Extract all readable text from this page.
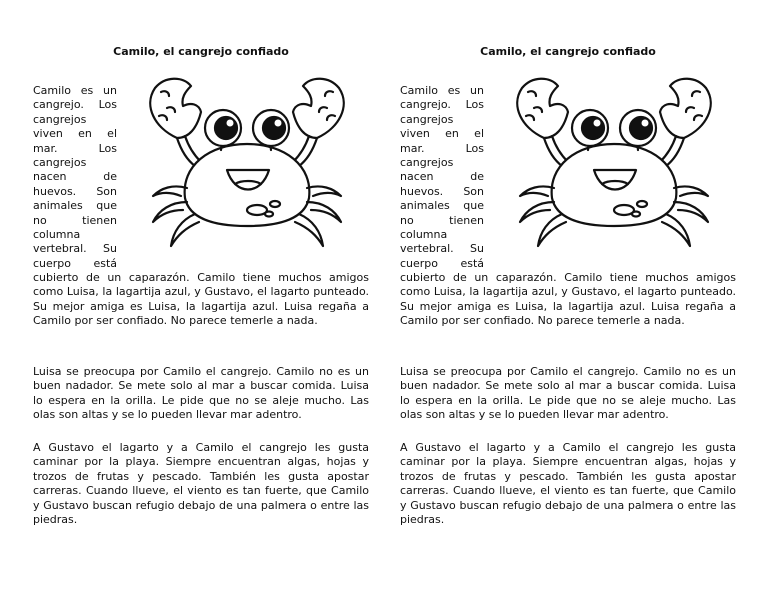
Camilo, el cangrejo confiado
Camilo es un
cangrejo. Los
cangrejos
viven en el
mar. Los
cangrejos
nacen de
huevos. Son
animales que
no tienen
columna
vertebral. Su
cuerpo está

cubierto de un caparazón. Camilo tiene muchos amigos como Luisa, la lagartija azul, y Gustavo, el lagarto punteado. Su mejor amiga es Luisa, la lagartija azul. Luisa regaña a Camilo por ser confiado. No parece temerle a nada.

Luisa se preocupa por Camilo el cangrejo. Camilo no es un buen nadador. Se mete solo al mar a buscar comida. Luisa lo espera en la orilla. Le pide que no se aleje mucho. Las olas son altas y se lo pueden llevar mar adentro.

A Gustavo el lagarto y a Camilo el cangrejo les gusta caminar por la playa. Siempre encuentran algas, hojas y trozos de frutas y pescado. También les gusta apostar carreras. Cuando llueve, el viento es tan fuerte, que Camilo y Gustavo buscan refugio debajo de una palmera o entre las piedras.

Camilo, el cangrejo confiado
Camilo es un
cangrejo. Los
cangrejos
viven en el
mar. Los
cangrejos
nacen de
huevos. Son
animales que
no tienen
columna
vertebral. Su
cuerpo está

cubierto de un caparazón. Camilo tiene muchos amigos como Luisa, la lagartija azul, y Gustavo, el lagarto punteado. Su mejor amiga es Luisa, la lagartija azul. Luisa regaña a Camilo por ser confiado. No parece temerle a nada.

Luisa se preocupa por Camilo el cangrejo. Camilo no es un buen nadador. Se mete solo al mar a buscar comida. Luisa lo espera en la orilla. Le pide que no se aleje mucho. Las olas son altas y se lo pueden llevar mar adentro.

A Gustavo el lagarto y a Camilo el cangrejo les gusta caminar por la playa. Siempre encuentran algas, hojas y trozos de frutas y pescado. También les gusta apostar carreras. Cuando llueve, el viento es tan fuerte, que Camilo y Gustavo buscan refugio debajo de una palmera o entre las piedras.
